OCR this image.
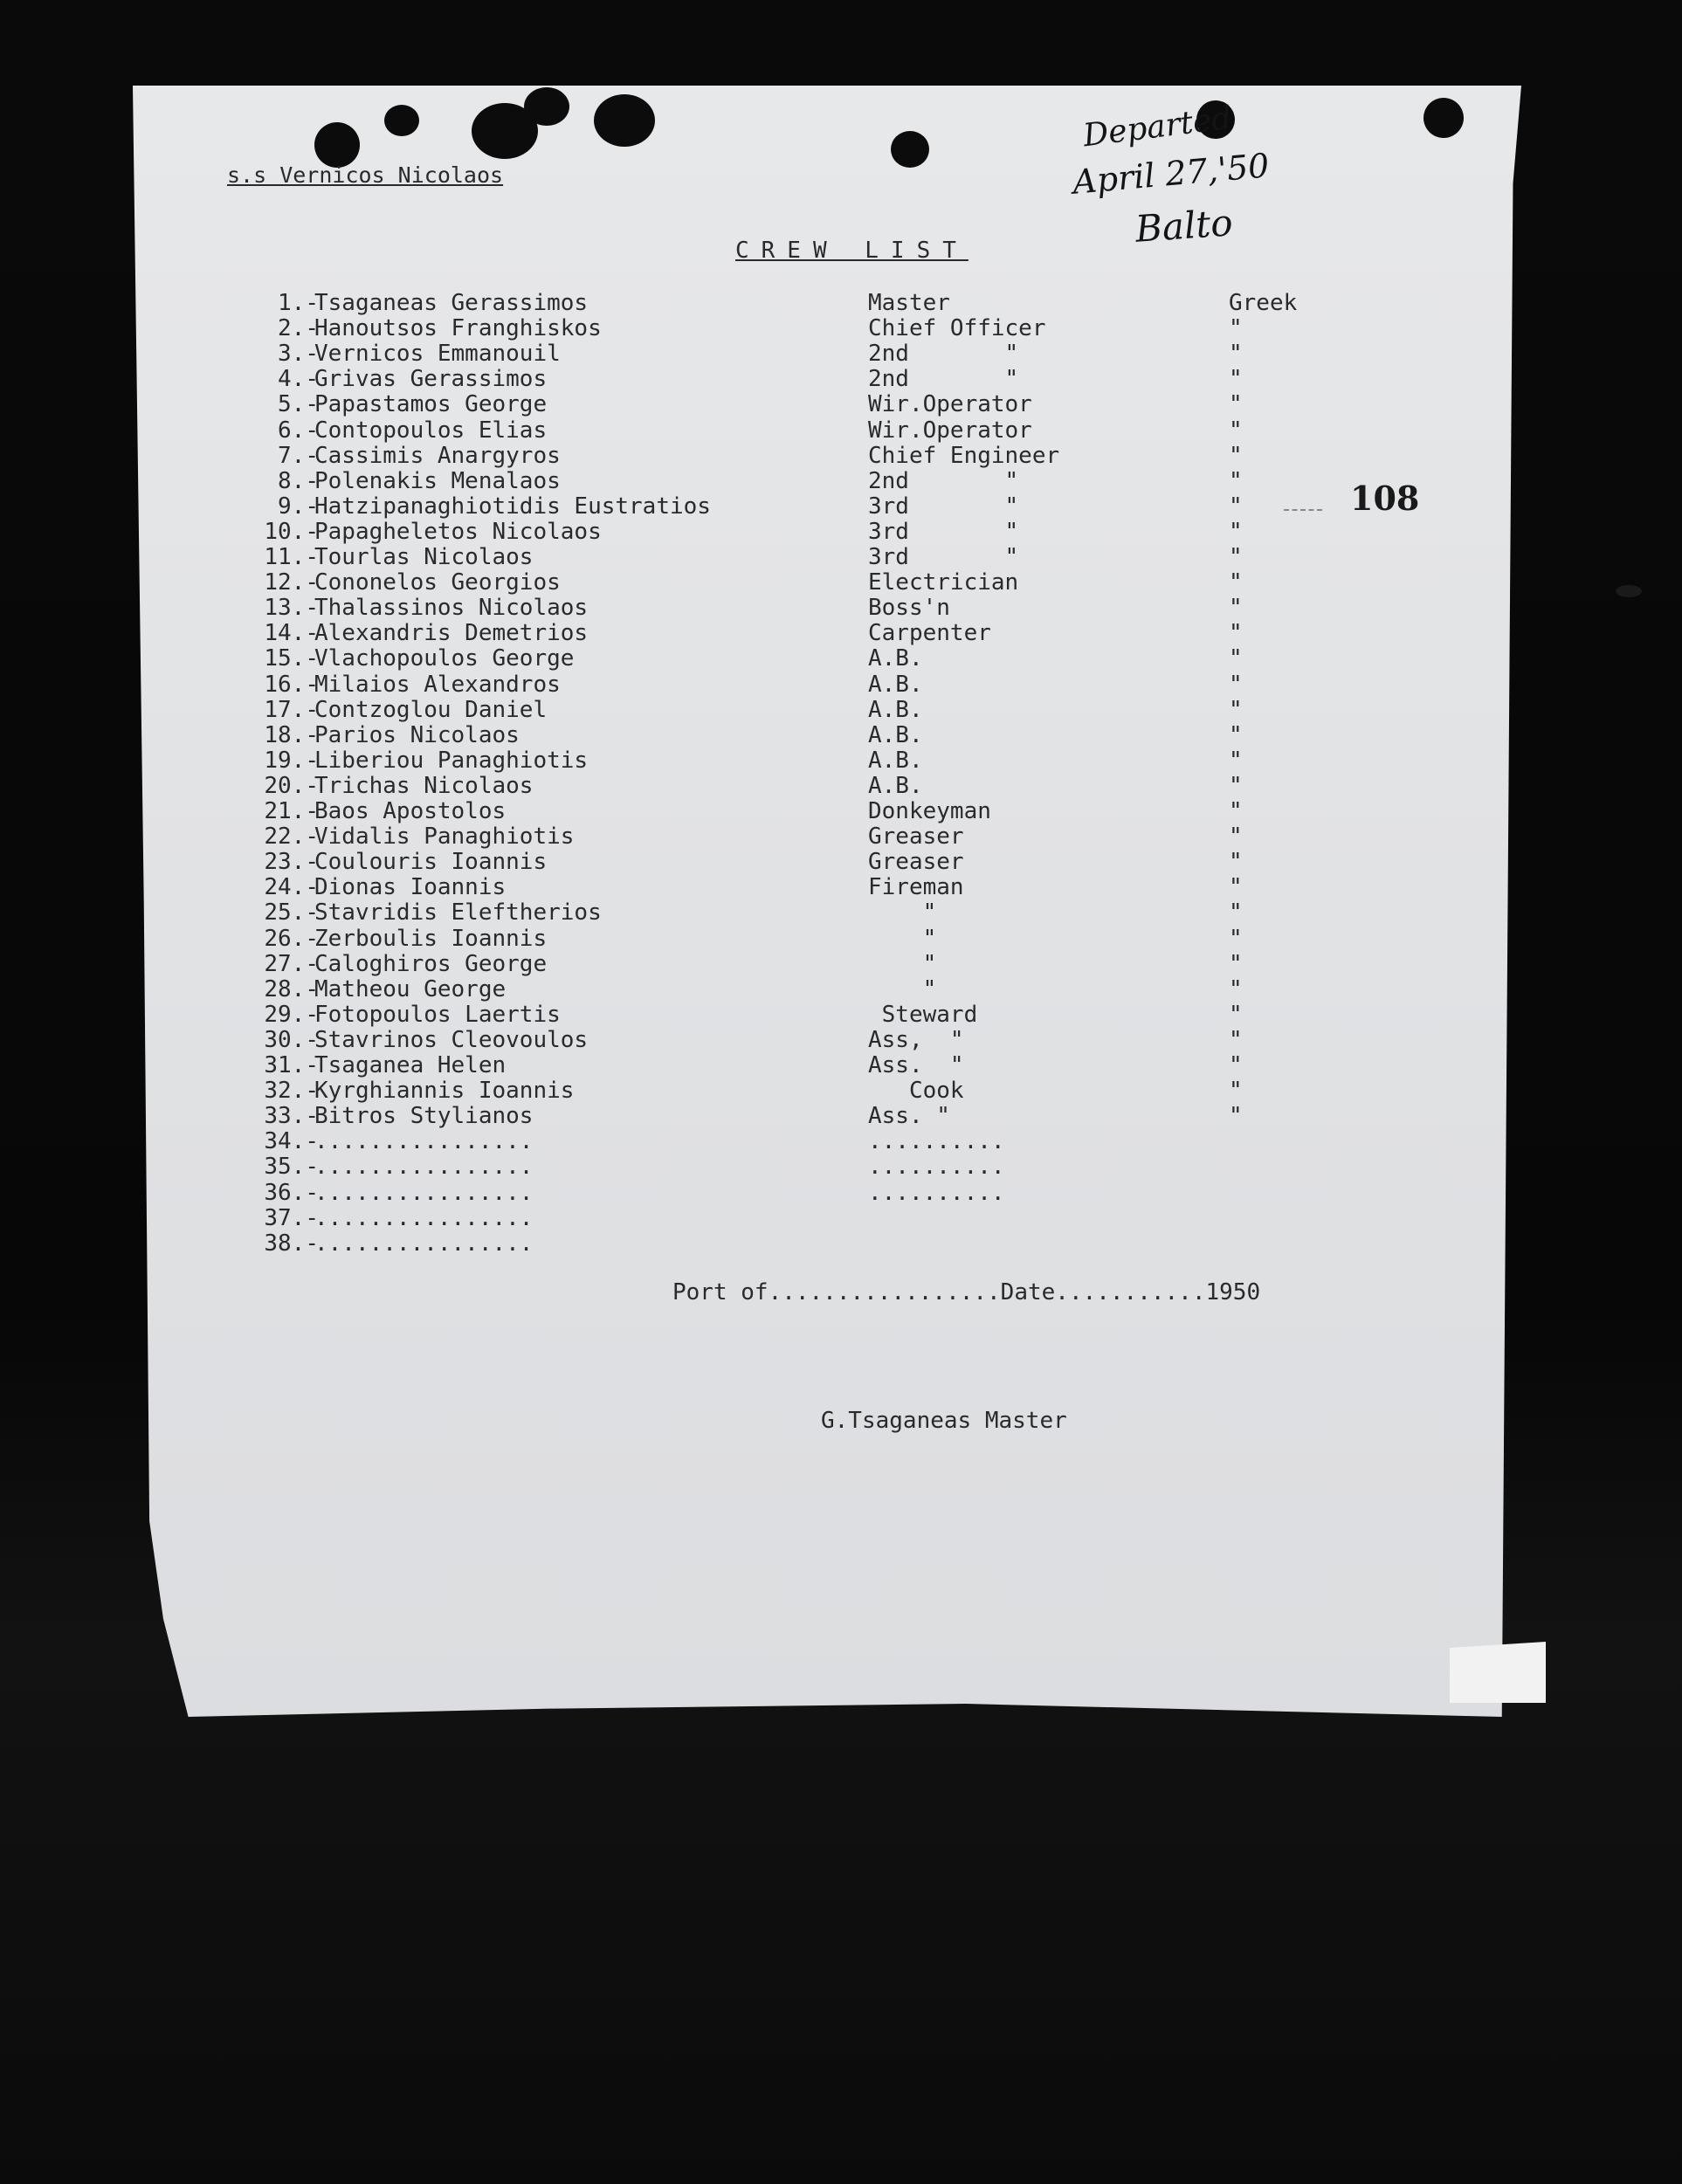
s.s Vernicos Nicolaos
CREW LIST
Departed
April 27,'50
Balto
108
1.-
Tsaganeas Gerassimos	Master	Greek
2.-
Hanoutsos Franghiskos	Chief Officer	"
3.-
Vernicos Emmanouil	2nd       "	"
4.-
Grivas Gerassimos	2nd       "	"
5.-
Papastamos George	Wir.Operator	"
6.-
Contopoulos Elias	Wir.Operator	"
7.-
Cassimis Anargyros	Chief Engineer	"
8.-
Polenakis Menalaos	2nd       "	"
9.-
Hatzipanaghiotidis Eustratios	3rd       "	"
10.-
Papagheletos Nicolaos	3rd       "	"
11.-
Tourlas Nicolaos	3rd       "	"
12.-
Cononelos Georgios	Electrician	"
13.-
Thalassinos Nicolaos	Boss'n	"
14.-
Alexandris Demetrios	Carpenter	"
15.-
Vlachopoulos George	A.B.	"
16.-
Milaios Alexandros	A.B.	"
17.-
Contzoglou Daniel	A.B.	"
18.-
Parios Nicolaos	A.B.	"
19.-
Liberiou Panaghiotis	A.B.	"
20.-
Trichas Nicolaos	A.B.	"
21.-
Baos Apostolos	Donkeyman	"
22.-
Vidalis Panaghiotis	Greaser	"
23.-
Coulouris Ioannis	Greaser	"
24.-
Dionas Ioannis	Fireman	"
25.-
Stavridis Eleftherios	"	"
26.-
Zerboulis Ioannis	"	"
27.-
Caloghiros George	"	"
28.-
Matheou George	"	"
29.-
Fotopoulos Laertis	Steward	"
30.-
Stavrinos Cleovoulos	Ass,  "	"
31.-
Tsaganea Helen	Ass.  "	"
32.-
Kyrghiannis Ioannis	Cook	"
33.-
Bitros Stylianos	Ass. "	"
34.-
................	..........
35.-
................	..........
36.-
................	..........
37.-
................
38.-
................
Port of.................Date...........1950
G.Tsaganeas Master
